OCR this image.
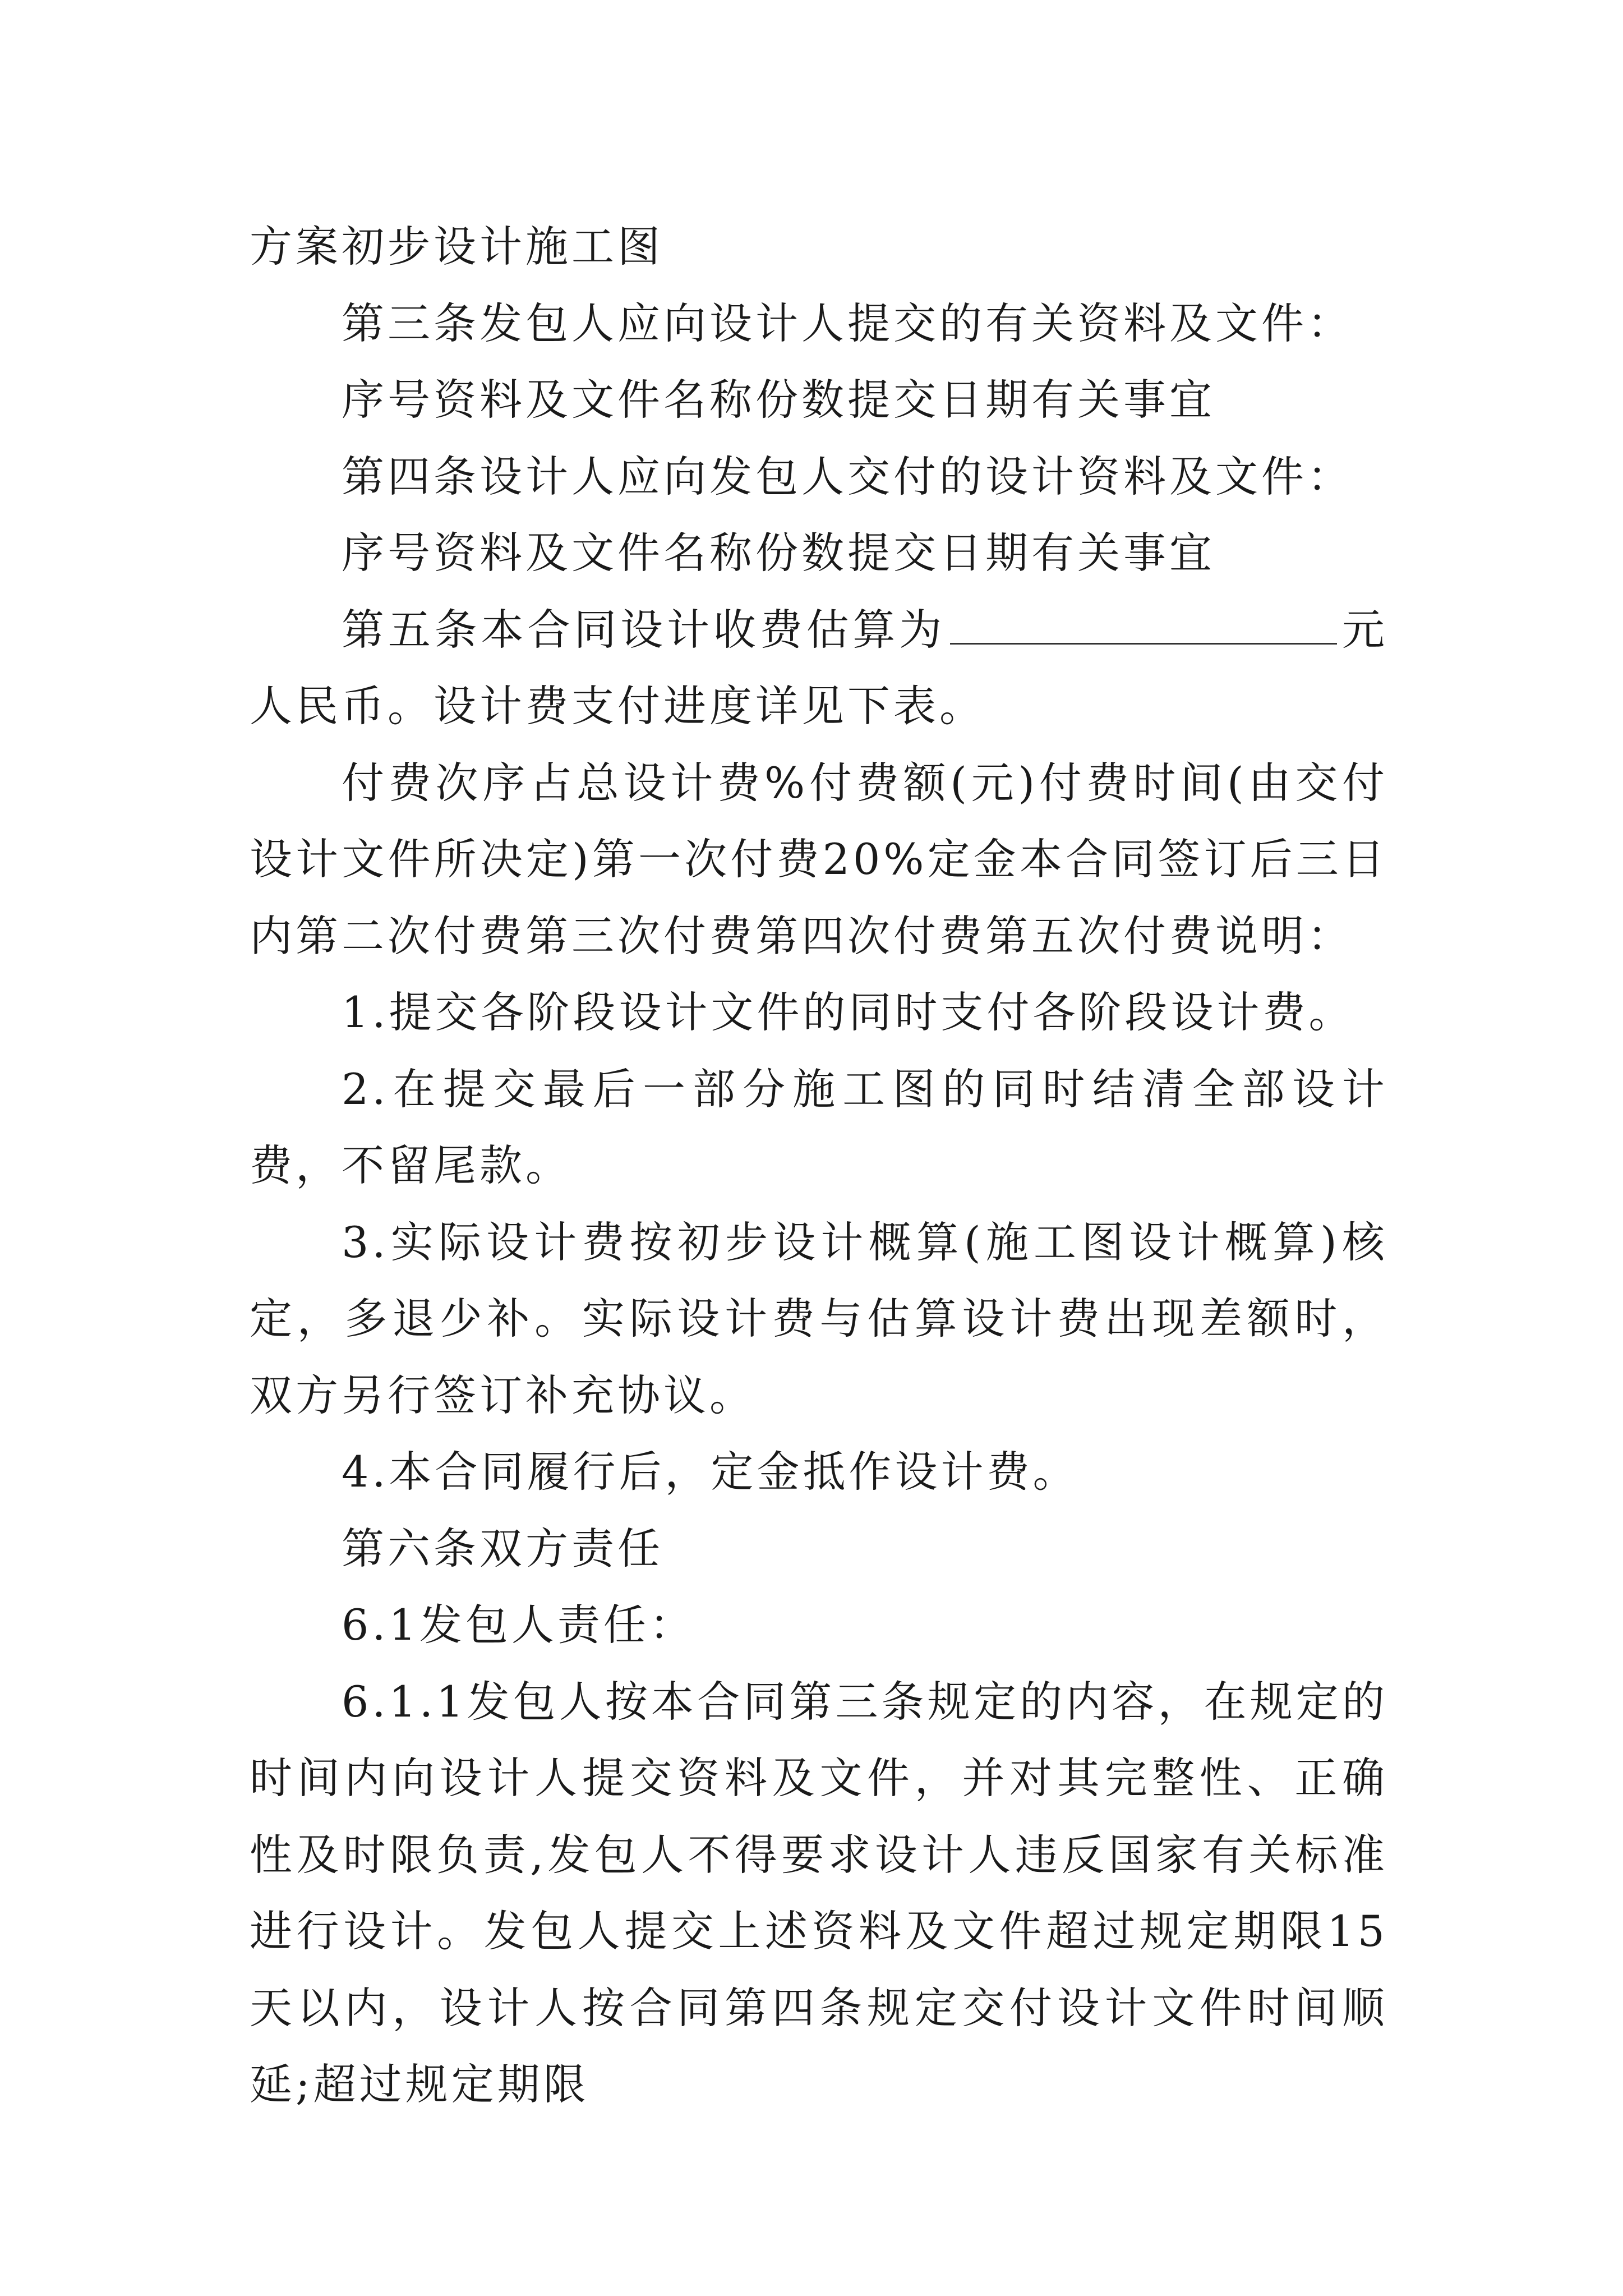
方案初步设计施工图

第三条发包人应向设计人提交的有关资料及文件：

序号资料及文件名称份数提交日期有关事宜

第四条设计人应向发包人交付的设计资料及文件：

序号资料及文件名称份数提交日期有关事宜

第五条本合同设计收费估算为	元人民币。设计费支付进度详见下表。

付费次序占总设计费%付费额(元)付费时间(由交付设计文件所决定)第一次付费20%定金本合同签订后三日内第二次付费第三次付费第四次付费第五次付费说明：

1.提交各阶段设计文件的同时支付各阶段设计费。

2.在提交最后一部分施工图的同时结清全部设计费，不留尾款。

3.实际设计费按初步设计概算(施工图设计概算)核定，多退少补。实际设计费与估算设计费出现差额时，双方另行签订补充协议。

4.本合同履行后，定金抵作设计费。

第六条双方责任

6.1发包人责任：

6.1.1发包人按本合同第三条规定的内容，在规定的时间内向设计人提交资料及文件，并对其完整性、正确性及时限负责,发包人不得要求设计人违反国家有关标准进行设计。发包人提交上述资料及文件超过规定期限15天以内，设计人按合同第四条规定交付设计文件时间顺延;超过规定期限
